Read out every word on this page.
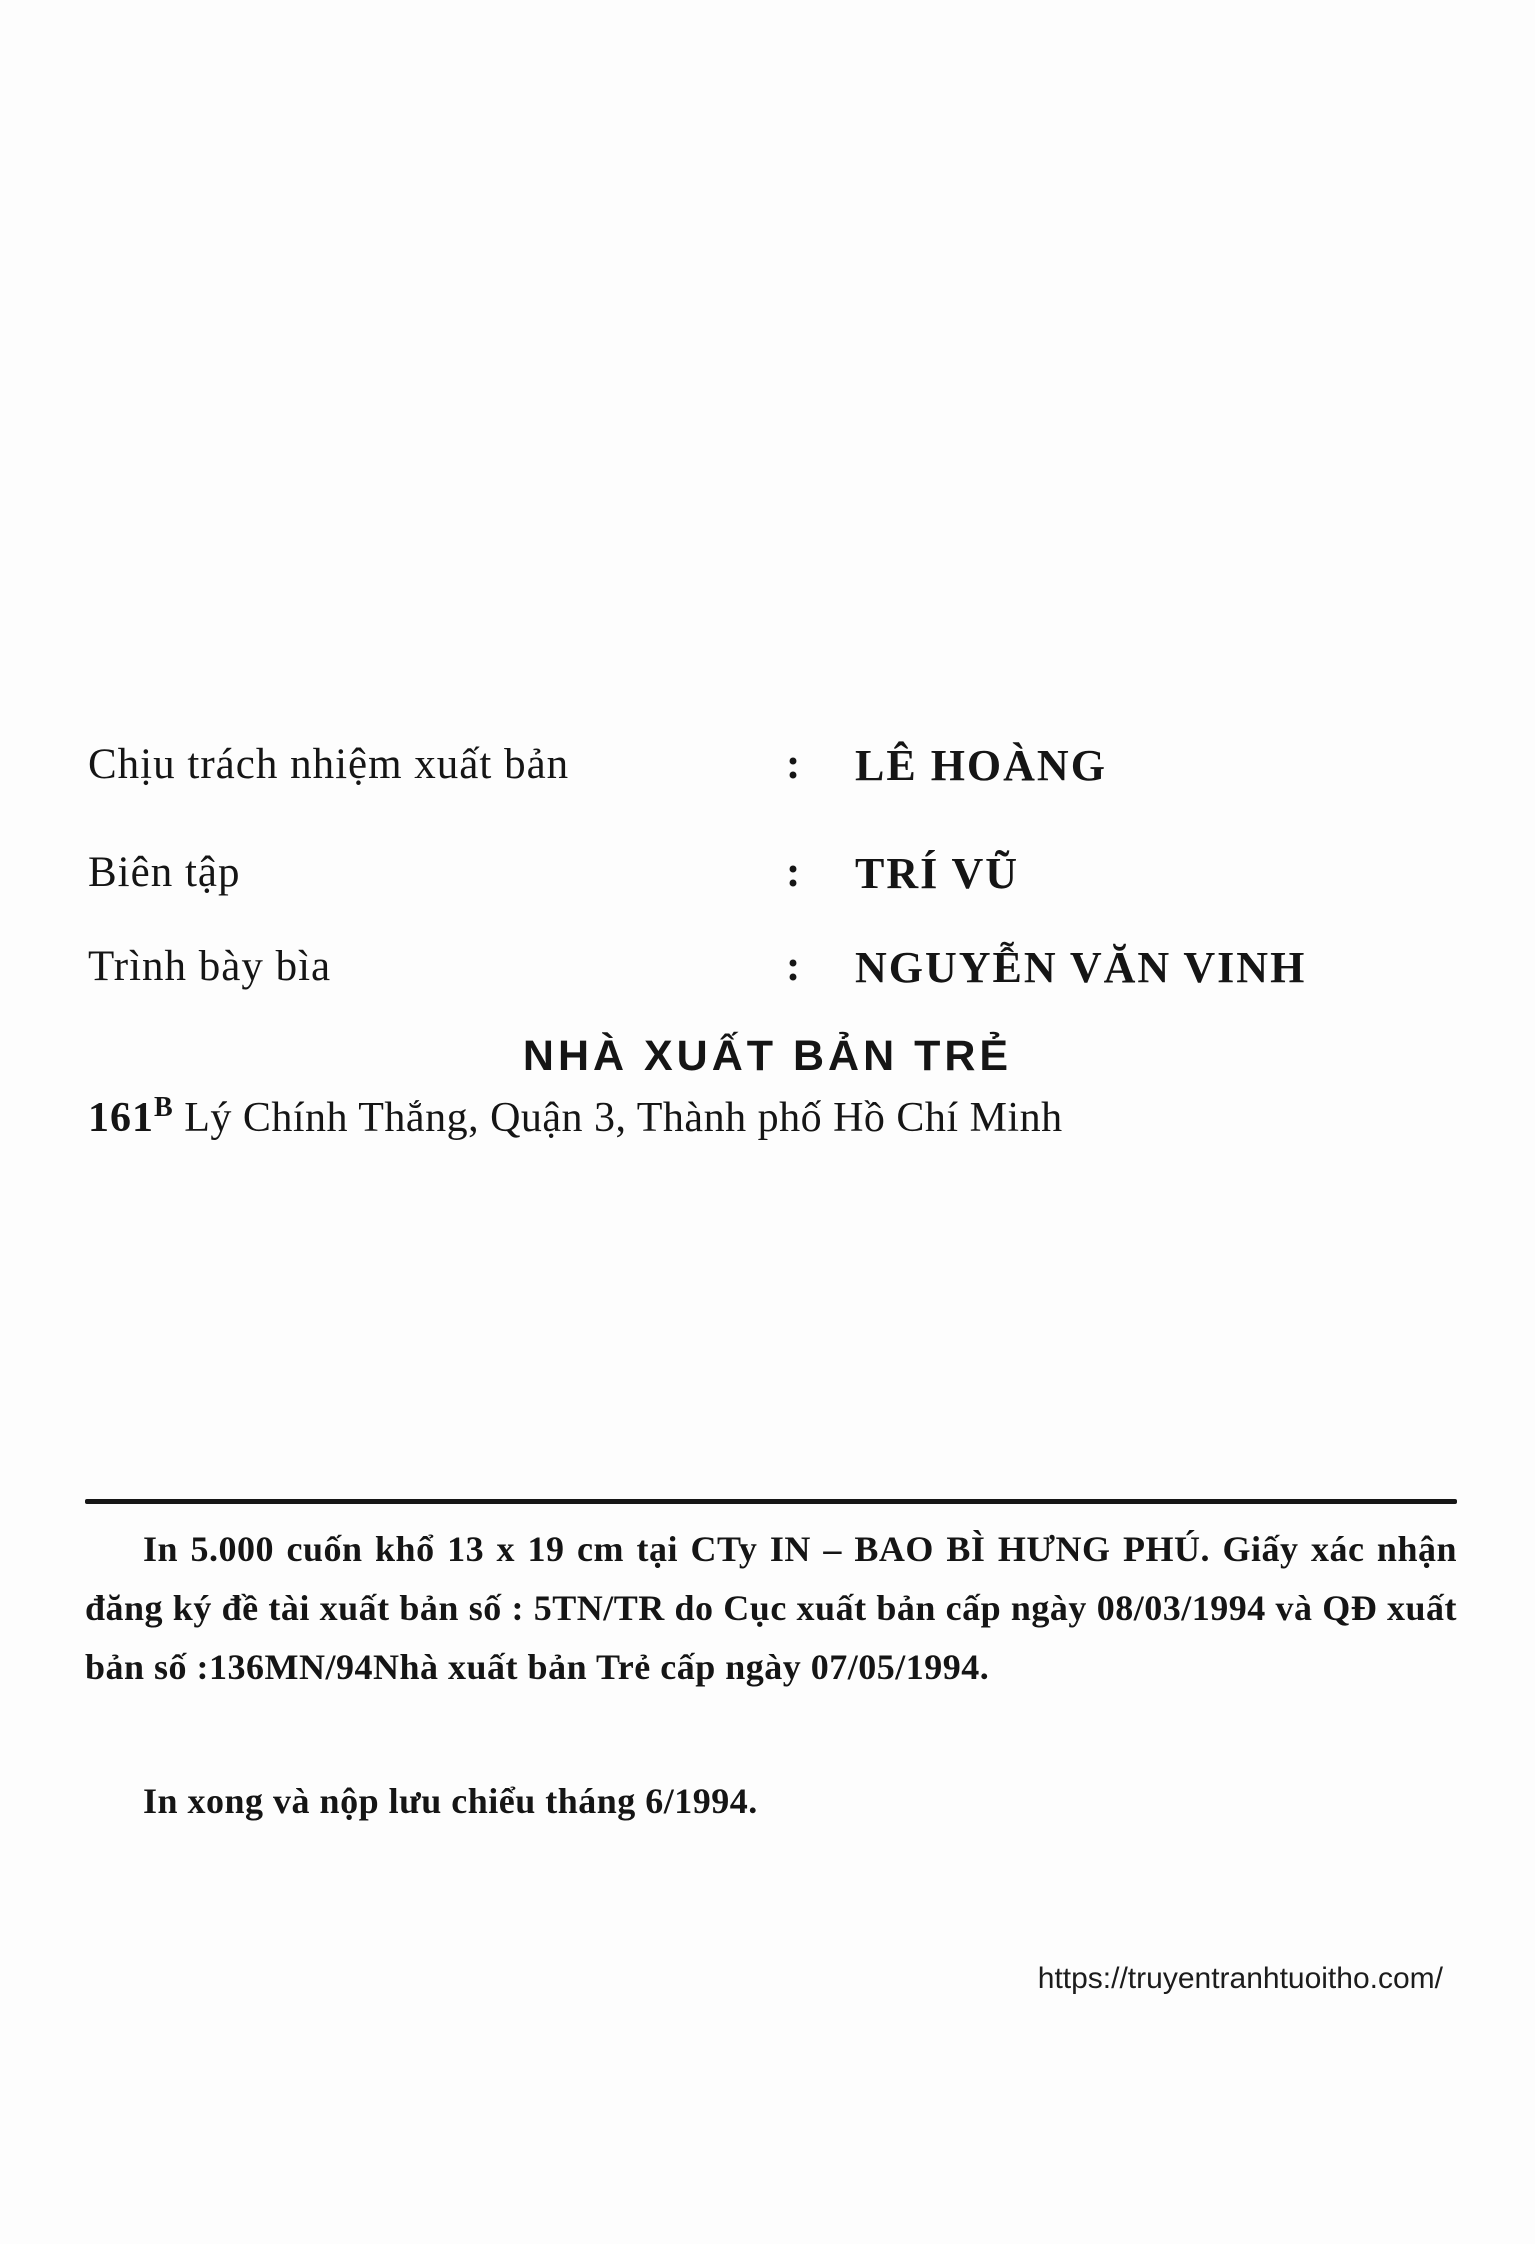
Chịu trách nhiệm xuất bản	: LÊ HOÀNG
Biên tập	: TRÍ VŨ
Trình bày bìa	: NGUYỄN VĂN VINH
NHÀ XUẤT BẢN TRẺ
$161^B$ Lý Chính Thắng, Quận 3, Thành phố Hồ Chí Minh
In 5.000 cuốn khổ 13 x 19 cm tại CTy IN – BAO BÌ HƯNG PHÚ. Giấy xác nhận đăng ký đề tài xuất bản số : 5TN/TR do Cục xuất bản cấp ngày 08/03/1994 và QĐ xuất bản số :136MN/94Nhà xuất bản Trẻ cấp ngày 07/05/1994.
In xong và nộp lưu chiểu tháng 6/1994.
https://truyentranhtuoitho.com/
